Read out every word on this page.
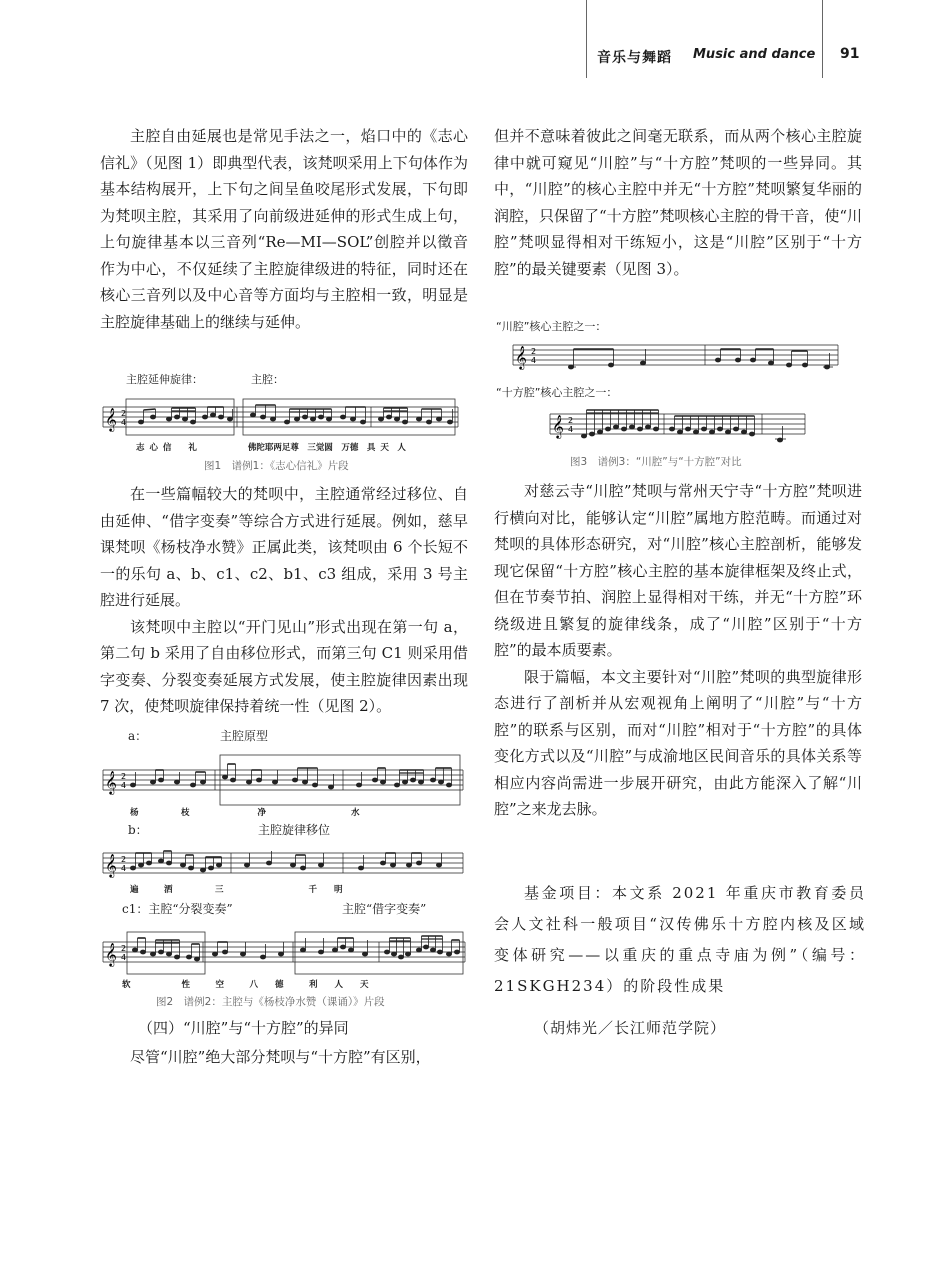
音乐与舞蹈 Music and dance 91

主腔自由延展也是常见手法之一，焰口中的《志心信礼》（见图 1）即典型代表，该梵呗采用上下句体作为基本结构展开，上下句之间呈鱼咬尾形式发展，下句即为梵呗主腔，其采用了向前级进延伸的形式生成上句，上句旋律基本以三音列“Re—MI—SOL”创腔并以徵音作为中心，不仅延续了主腔旋律级进的特征，同时还在核心三音列以及中心音等方面均与主腔相一致，明显是主腔旋律基础上的继续与延伸。

主腔延伸旋律：	主腔：
𝄞 2
4
志 心 信　　礼　　　　　　佛陀耶两足尊　三觉圆　万德　具 天　人
图1　谱例1：《志心信礼》片段

在一些篇幅较大的梵呗中，主腔通常经过移位、自由延伸、“借字变奏”等综合方式进行延展。例如，慈早课梵呗《杨枝净水赞》正属此类，该梵呗由 6 个长短不一的乐句 a、b、c1、c2、b1、c3 组成，采用 3 号主腔进行延展。

该梵呗中主腔以“开门见山”形式出现在第一句 a，第二句 b 采用了自由移位形式，而第三句 C1 则采用借字变奏、分裂变奏延展方式发展，使主腔旋律因素出现 7 次，使梵呗旋律保持着统一性（见图 2）。

a：	主腔原型
𝄞 2
4
杨　　　　　枝　　　　　　　　净　　　　　　　　　　水
b：	主腔旋律移位
𝄞 2
4
遍　　　洒　　　　　三　　　　　　　　　　千　　明
c1：主腔“分裂变奏”	主腔“借字变奏”
𝄞 2
4
软　　　　　　性　　　空　　　八　　德　　　利　　人　　天
图2　谱例2：主腔与《杨枝净水赞（课诵）》片段
（四）“川腔”与“十方腔”的异同
尽管“川腔”绝大部分梵呗与“十方腔”有区别，

但并不意味着彼此之间毫无联系，而从两个核心主腔旋律中就可窥见“川腔”与“十方腔”梵呗的一些异同。其中，“川腔”的核心主腔中并无“十方腔”梵呗繁复华丽的润腔，只保留了“十方腔”梵呗核心主腔的骨干音，使“川腔”梵呗显得相对干练短小，这是“川腔”区别于“十方腔”的最关键要素（见图 3）。

“川腔”核心主腔之一：
𝄞 2
4
“十方腔”核心主腔之一：
𝄞 2
4
图3　谱例3：“川腔”与“十方腔”对比

对慈云寺“川腔”梵呗与常州天宁寺“十方腔”梵呗进行横向对比，能够认定“川腔”属地方腔范畴。而通过对梵呗的具体形态研究，对“川腔”核心主腔剖析，能够发现它保留“十方腔”核心主腔的基本旋律框架及终止式，但在节奏节拍、润腔上显得相对干练，并无“十方腔”环绕级进且繁复的旋律线条，成了“川腔”区别于“十方腔”的最本质要素。

限于篇幅，本文主要针对“川腔”梵呗的典型旋律形态进行了剖析并从宏观视角上阐明了“川腔”与“十方腔”的联系与区别，而对“川腔”相对于“十方腔”的具体变化方式以及“川腔”与成渝地区民间音乐的具体关系等相应内容尚需进一步展开研究，由此方能深入了解“川腔”之来龙去脉。

基金项目：本文系 2021 年重庆市教育委员会人文社科一般项目“汉传佛乐十方腔内核及区域变体研究——以重庆的重点寺庙为例”（编号：21SKGH234）的阶段性成果

（胡炜光／长江师范学院）
